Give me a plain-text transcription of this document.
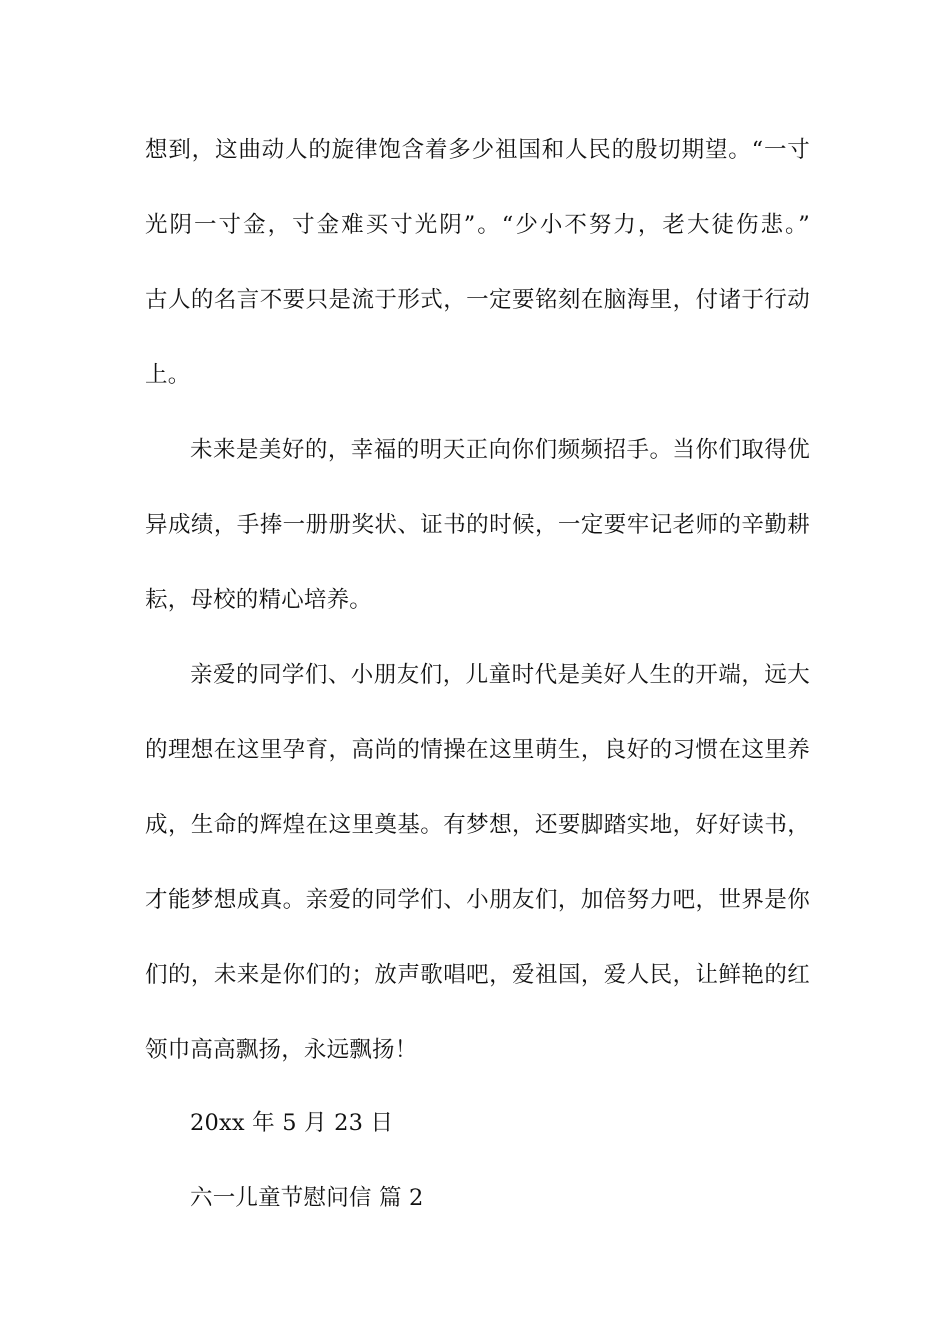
想到，这曲动人的旋律饱含着多少祖国和人民的殷切期望。“一寸
光阴一寸金，寸金难买寸光阴”。“少小不努力，老大徒伤悲。”
古人的名言不要只是流于形式，一定要铭刻在脑海里，付诸于行动
上。
未来是美好的，幸福的明天正向你们频频招手。当你们取得优
异成绩，手捧一册册奖状、证书的时候，一定要牢记老师的辛勤耕
耘，母校的精心培养。
亲爱的同学们、小朋友们，儿童时代是美好人生的开端，远大
的理想在这里孕育，高尚的情操在这里萌生，良好的习惯在这里养
成，生命的辉煌在这里奠基。有梦想，还要脚踏实地，好好读书，
才能梦想成真。亲爱的同学们、小朋友们，加倍努力吧，世界是你
们的，未来是你们的；放声歌唱吧，爱祖国，爱人民，让鲜艳的红
领巾高高飘扬，永远飘扬！
20xx 年 5 月 23 日
六一儿童节慰问信 篇 2
